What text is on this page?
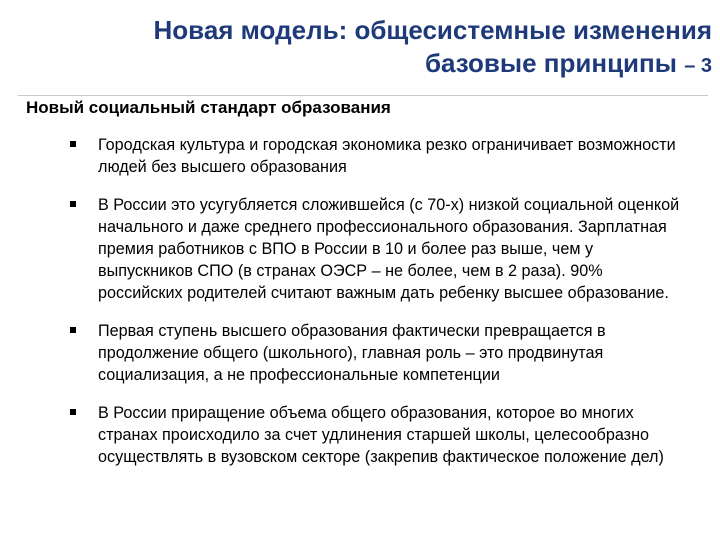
Новая модель: общесистемные изменения
базовые принципы – 3
Новый социальный стандарт образования
Городская культура и городская экономика резко ограничивает возможности людей без высшего образования
В России это усугубляется сложившейся (с 70-х) низкой социальной оценкой начального и даже среднего профессионального образования. Зарплатная премия работников с ВПО в России в 10 и более раз выше, чем у выпускников СПО (в странах ОЭСР – не более, чем в 2 раза). 90% российских родителей считают важным дать ребенку высшее образование.
Первая ступень высшего образования фактически превращается в продолжение общего (школьного), главная роль – это продвинутая социализация, а не профессиональные компетенции
В России приращение объема общего образования, которое во многих странах происходило за счет удлинения старшей школы, целесообразно осуществлять в вузовском секторе (закрепив фактическое положение дел)
